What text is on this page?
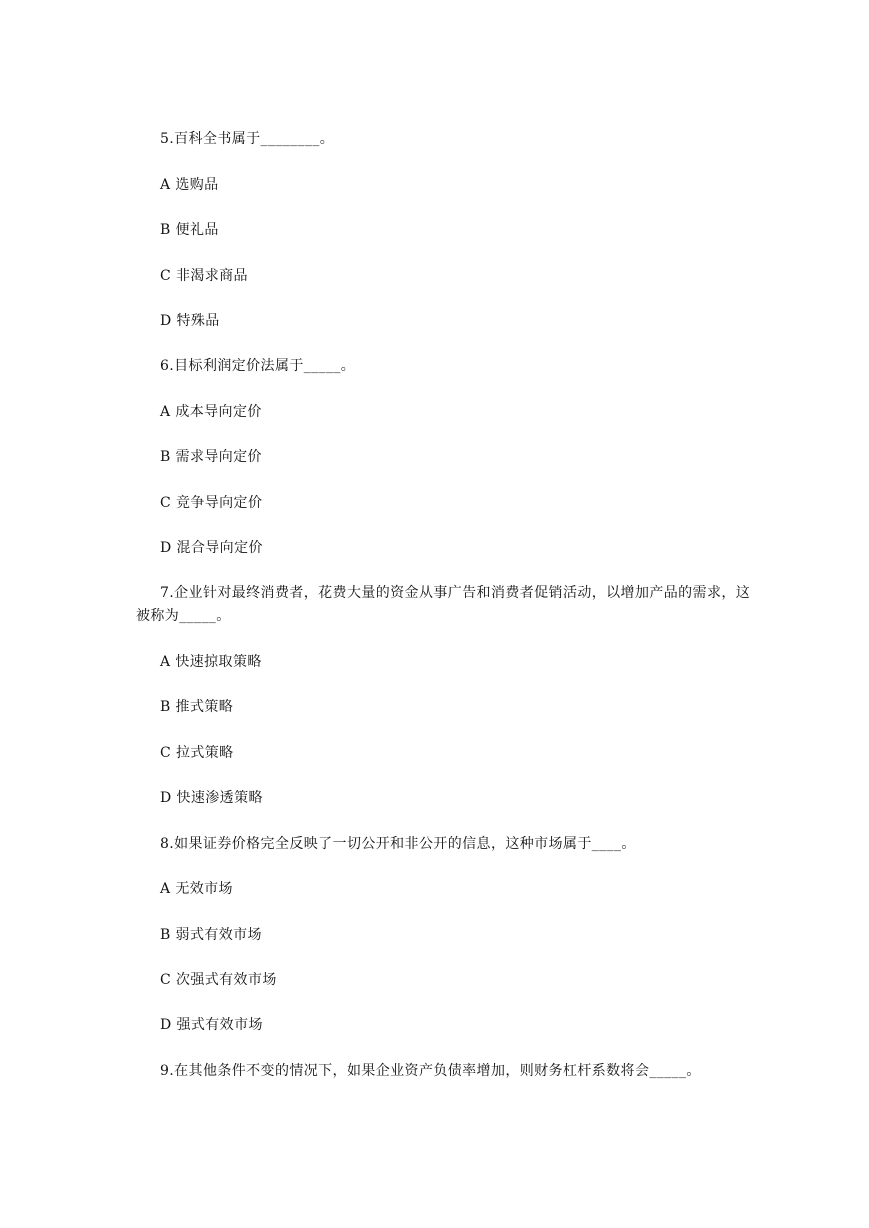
5.百科全书属于________。
A 选购品
B 便礼品
C 非渴求商品
D 特殊品
6.目标利润定价法属于_____。
A 成本导向定价
B 需求导向定价
C 竞争导向定价
D 混合导向定价
7.企业针对最终消费者，花费大量的资金从事广告和消费者促销活动，以增加产品的需求，这被称为_____。
A 快速掠取策略
B 推式策略
C 拉式策略
D 快速渗透策略
8.如果证券价格完全反映了一切公开和非公开的信息，这种市场属于____。
A 无效市场
B 弱式有效市场
C 次强式有效市场
D 强式有效市场
9.在其他条件不变的情况下，如果企业资产负债率增加，则财务杠杆系数将会_____。
